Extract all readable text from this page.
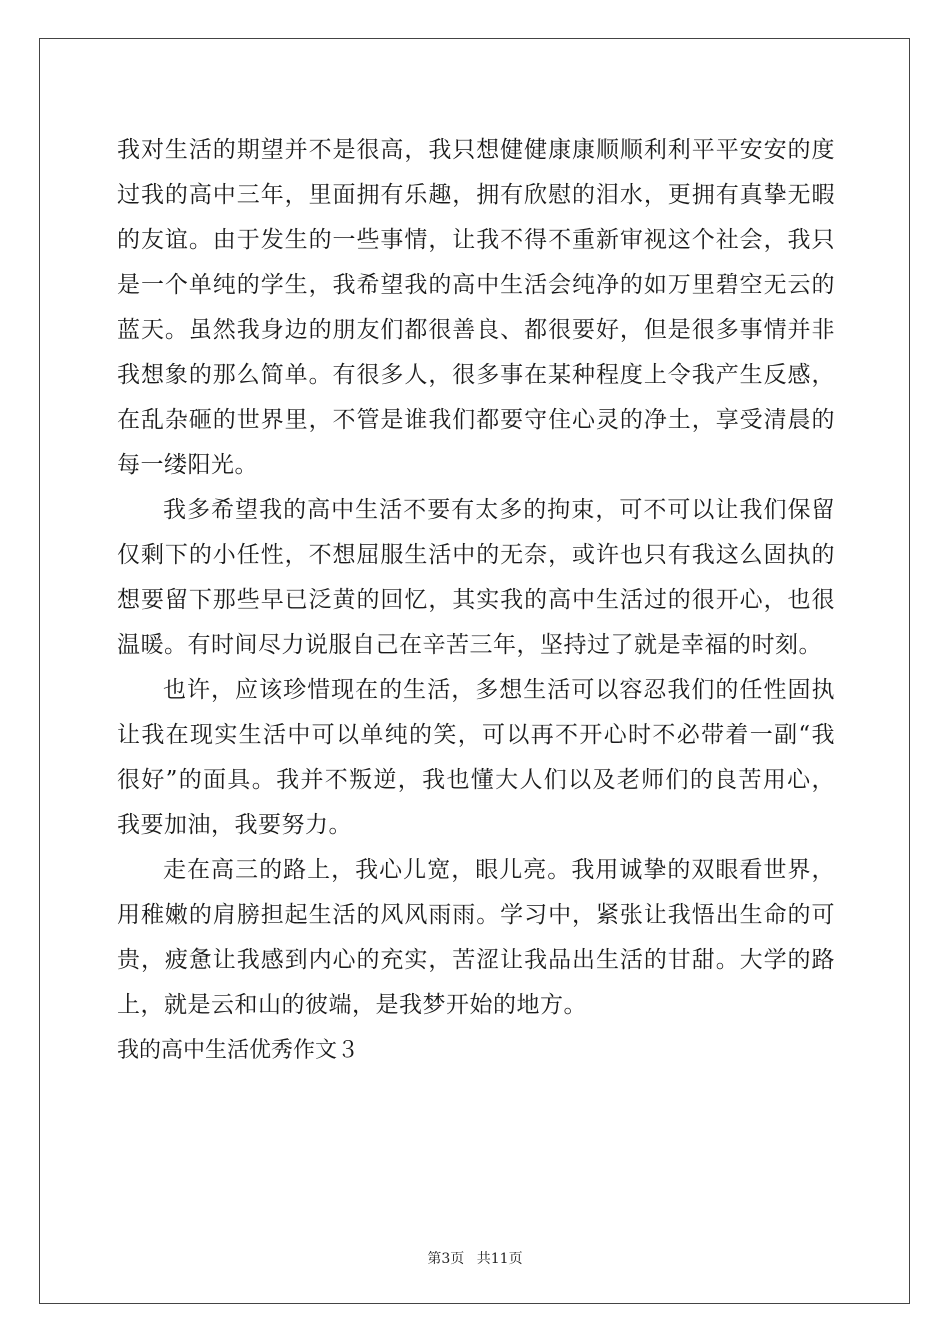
我对生活的期望并不是很高，我只想健健康康顺顺利利平平安安的度
过我的高中三年，里面拥有乐趣，拥有欣慰的泪水，更拥有真挚无暇
的友谊。由于发生的一些事情，让我不得不重新审视这个社会，我只
是一个单纯的学生，我希望我的高中生活会纯净的如万里碧空无云的
蓝天。虽然我身边的朋友们都很善良、都很要好，但是很多事情并非
我想象的那么简单。有很多人，很多事在某种程度上令我产生反感，
在乱杂砸的世界里，不管是谁我们都要守住心灵的净土，享受清晨的
每一缕阳光。
我多希望我的高中生活不要有太多的拘束，可不可以让我们保留
仅剩下的小任性，不想屈服生活中的无奈，或许也只有我这么固执的
想要留下那些早已泛黄的回忆，其实我的高中生活过的很开心，也很
温暖。有时间尽力说服自己在辛苦三年，坚持过了就是幸福的时刻。
也许，应该珍惜现在的生活，多想生活可以容忍我们的任性固执
让我在现实生活中可以单纯的笑，可以再不开心时不必带着一副“我
很好”的面具。我并不叛逆，我也懂大人们以及老师们的良苦用心，
我要加油，我要努力。
走在高三的路上，我心儿宽，眼儿亮。我用诚挚的双眼看世界，
用稚嫩的肩膀担起生活的风风雨雨。学习中，紧张让我悟出生命的可
贵，疲惫让我感到内心的充实，苦涩让我品出生活的甘甜。大学的路
上，就是云和山的彼端，是我梦开始的地方。
我的高中生活优秀作文３
第3页 共11页
